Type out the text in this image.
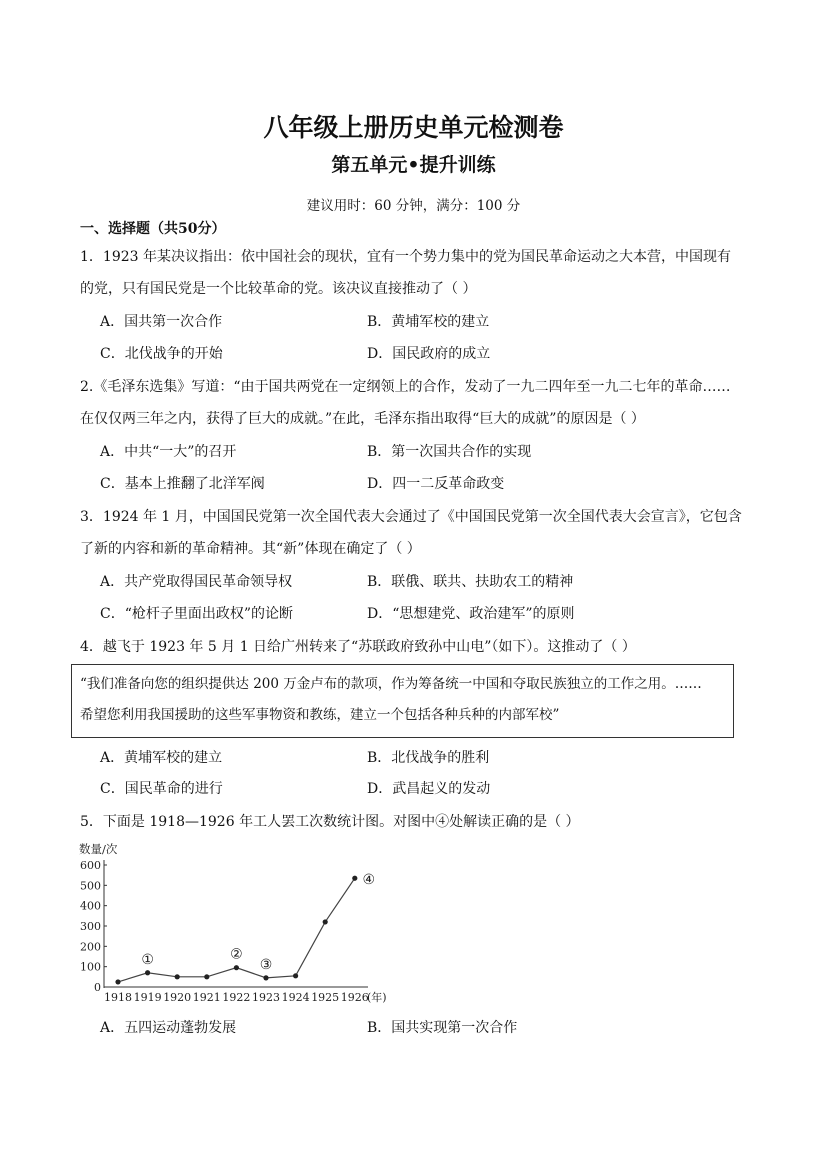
八年级上册历史单元检测卷
第五单元•提升训练
建议用时：60 分钟，满分：100 分
一、选择题（共50分）
1．1923 年某决议指出：依中国社会的现状，宜有一个势力集中的党为国民革命运动之大本营，中国现有
的党，只有国民党是一个比较革命的党。该决议直接推动了（ ）
A．国共第一次合作	B．黄埔军校的建立
C．北伐战争的开始	D．国民政府的成立
2.《毛泽东选集》写道：“由于国共两党在一定纲领上的合作，发动了一九二四年至一九二七年的革命……
在仅仅两三年之内，获得了巨大的成就。”在此，毛泽东指出取得“巨大的成就”的原因是（ ）
A．中共“一大”的召开	B．第一次国共合作的实现
C．基本上推翻了北洋军阀	D．四一二反革命政变
3．1924 年 1 月，中国国民党第一次全国代表大会通过了《中国国民党第一次全国代表大会宣言》，它包含
了新的内容和新的革命精神。其“新”体现在确定了（ ）
A．共产党取得国民革命领导权	B．联俄、联共、扶助农工的精神
C．“枪杆子里面出政权”的论断	D．“思想建党、政治建军”的原则
4．越飞于 1923 年 5 月 1 日给广州转来了“苏联政府致孙中山电”（如下）。这推动了（ ）
“我们准备向您的组织提供达 200 万金卢布的款项，作为筹备统一中国和夺取民族独立的工作之用。……
希望您利用我国援助的这些军事物资和教练，建立一个包括各种兵种的内部军校”
A．黄埔军校的建立	B．北伐战争的胜利
C．国民革命的进行	D．武昌起义的发动
5．下面是 1918—1926 年工人罢工次数统计图。对图中④处解读正确的是（ ）
数量/次
0
100
200
300
400
500
600
1918 1919 1920 1921 1922 1923 1924 1925 1926
①	②
③
④
(年)
A．五四运动蓬勃发展	B．国共实现第一次合作
